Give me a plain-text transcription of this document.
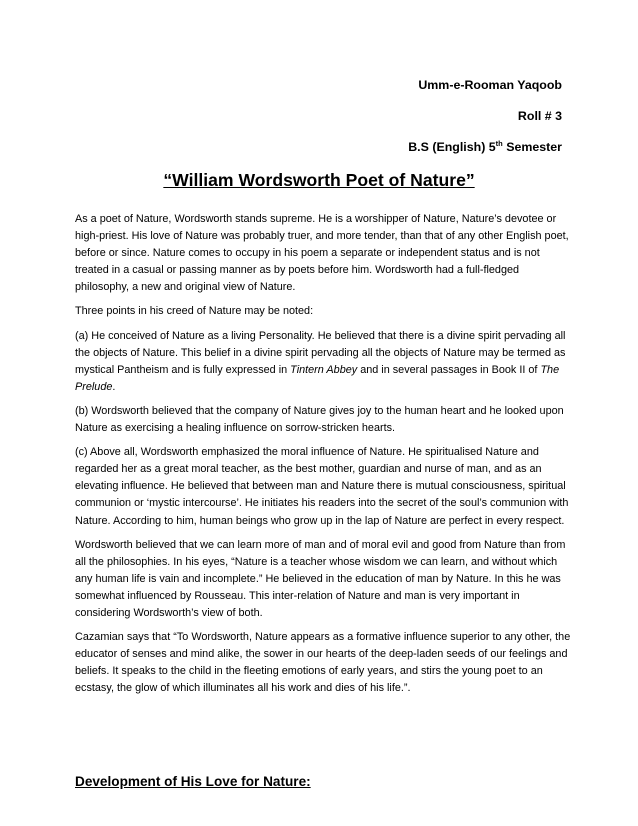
Umm-e-Rooman Yaqoob
Roll # 3
B.S (English) 5th Semester
“William Wordsworth Poet of Nature”

As a poet of Nature, Wordsworth stands supreme. He is a worshipper of Nature, Nature’s devotee or high-priest. His love of Nature was probably truer, and more tender, than that of any other English poet, before or since. Nature comes to occupy in his poem a separate or independent status and is not treated in a casual or passing manner as by poets before him. Wordsworth had a full-fledged philosophy, a new and original view of Nature.

Three points in his creed of Nature may be noted:

(a) He conceived of Nature as a living Personality. He believed that there is a divine spirit pervading all the objects of Nature. This belief in a divine spirit pervading all the objects of Nature may be termed as mystical Pantheism and is fully expressed in Tintern Abbey and in several passages in Book II of The Prelude.

(b) Wordsworth believed that the company of Nature gives joy to the human heart and he looked upon Nature as exercising a healing influence on sorrow-stricken hearts.

(c) Above all, Wordsworth emphasized the moral influence of Nature. He spiritualised Nature and regarded her as a great moral teacher, as the best mother, guardian and nurse of man, and as an elevating influence. He believed that between man and Nature there is mutual consciousness, spiritual communion or ‘mystic intercourse’. He initiates his readers into the secret of the soul’s communion with Nature. According to him, human beings who grow up in the lap of Nature are perfect in every respect.

Wordsworth believed that we can learn more of man and of moral evil and good from Nature than from all the philosophies. In his eyes, “Nature is a teacher whose wisdom we can learn, and without which any human life is vain and incomplete.” He believed in the education of man by Nature. In this he was somewhat influenced by Rousseau. This inter-relation of Nature and man is very important in considering Wordsworth’s view of both.

Cazamian says that “To Wordsworth, Nature appears as a formative influence superior to any other, the educator of senses and mind alike, the sower in our hearts of the deep-laden seeds of our feelings and beliefs. It speaks to the child in the fleeting emotions of early years, and stirs the young poet to an ecstasy, the glow of which illuminates all his work and dies of his life.”.

Development of His Love for Nature:
